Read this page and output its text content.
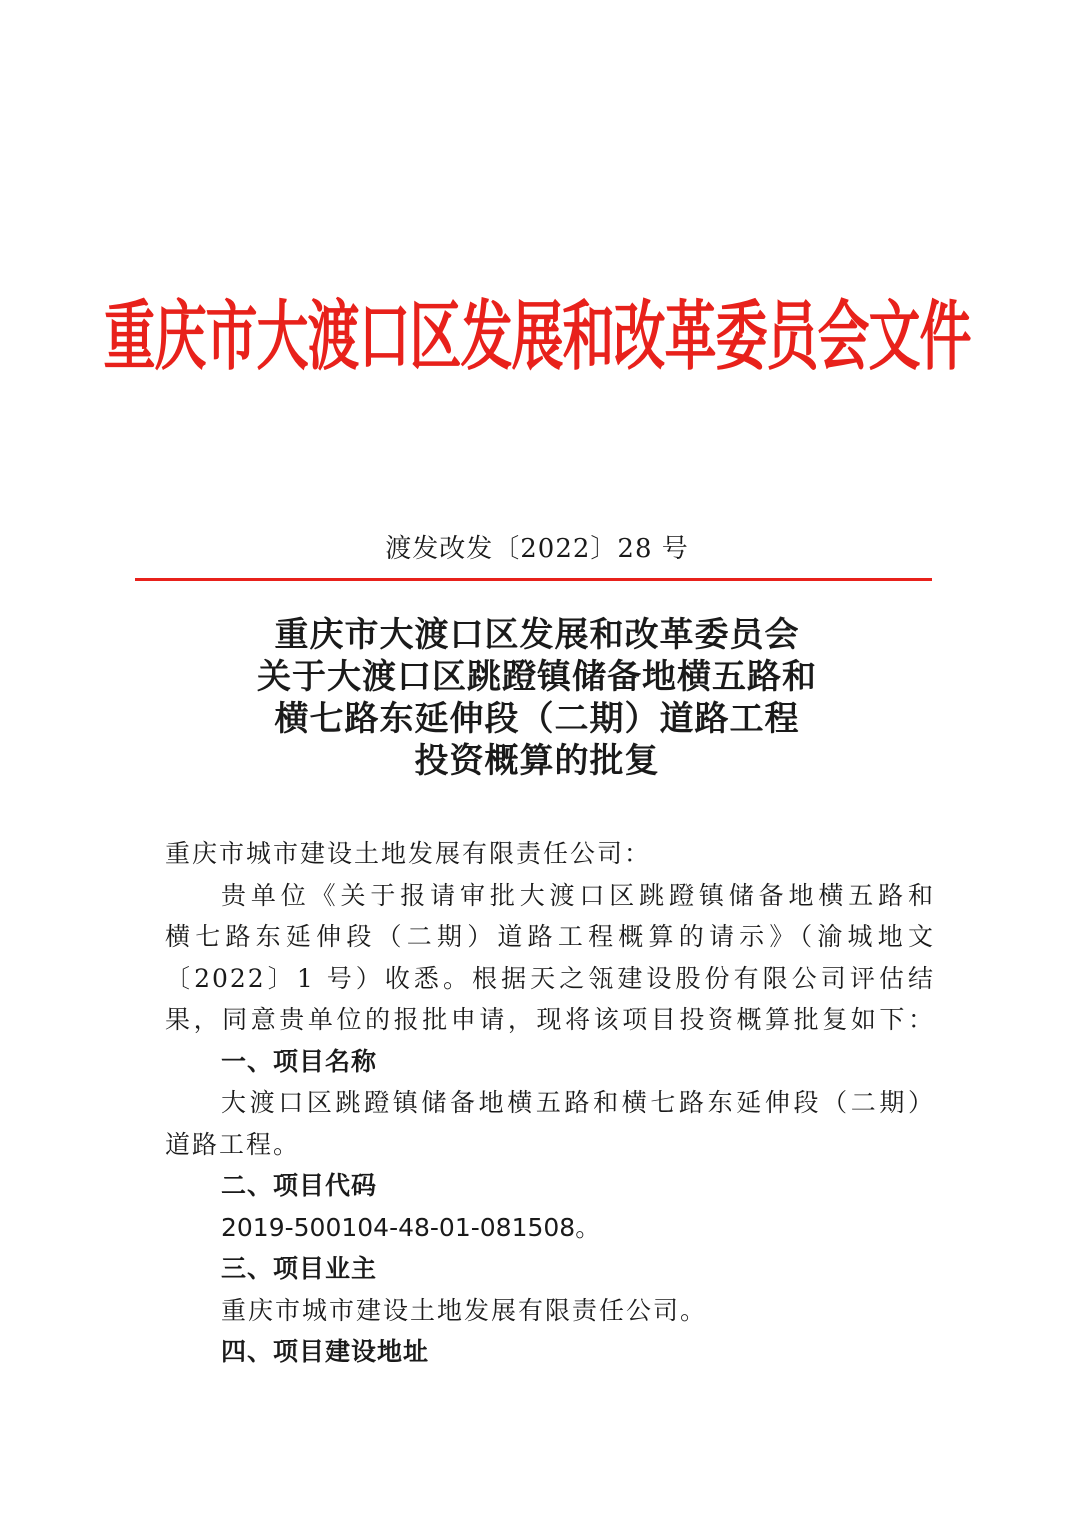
重庆市大渡口区发展和改革委员会文件
渡发改发〔2022〕28 号
重庆市大渡口区发展和改革委员会
关于大渡口区跳蹬镇储备地横五路和
横七路东延伸段（二期）道路工程
投资概算的批复
重庆市城市建设土地发展有限责任公司：
贵单位《关于报请审批大渡口区跳蹬镇储备地横五路和
横七路东延伸段（二期）道路工程概算的请示》（渝城地文
〔2022〕1 号）收悉。根据天之瓴建设股份有限公司评估结
果，同意贵单位的报批申请，现将该项目投资概算批复如下：
一、项目名称
大渡口区跳蹬镇储备地横五路和横七路东延伸段（二期）
道路工程。
二、项目代码
2019-500104-48-01-081508。
三、项目业主
重庆市城市建设土地发展有限责任公司。
四、项目建设地址
